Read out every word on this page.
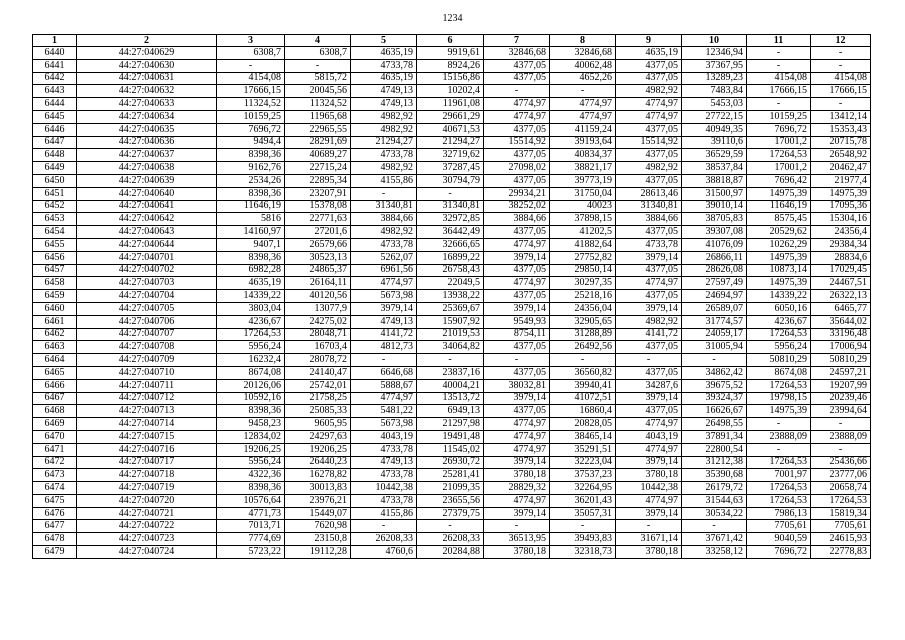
1234
1	2	3	4	5	6	7	8	9	10	11	12
6440	44:27:040629	6308,7	6308,7	4635,19	9919,61	32846,68	32846,68	4635,19	12346,94	-	-
6441	44:27:040630	-	-	4733,78	8924,26	4377,05	40062,48	4377,05	37367,95	-	-
6442	44:27:040631	4154,08	5815,72	4635,19	15156,86	4377,05	4652,26	4377,05	13289,23	4154,08	4154,08
6443	44:27:040632	17666,15	20045,56	4749,13	10202,4	-	-	4982,92	7483,84	17666,15	17666,15
6444	44:27:040633	11324,52	11324,52	4749,13	11961,08	4774,97	4774,97	4774,97	5453,03	-	-
6445	44:27:040634	10159,25	11965,68	4982,92	29661,29	4774,97	4774,97	4774,97	27722,15	10159,25	13412,14
6446	44:27:040635	7696,72	22965,55	4982,92	40671,53	4377,05	41159,24	4377,05	40949,35	7696,72	15353,43
6447	44:27:040636	9494,4	28291,69	21294,27	21294,27	15514,92	39193,64	15514,92	39110,6	17001,2	20715,78
6448	44:27:040637	8398,36	40689,27	4733,78	32719,62	4377,05	40834,37	4377,05	36529,59	17264,53	26548,92
6449	44:27:040638	9162,76	22715,24	4982,92	37287,45	27098,02	38821,17	4982,92	38537,84	17001,2	20462,47
6450	44:27:040639	2534,26	22895,34	4155,86	30794,79	4377,05	39773,19	4377,05	38818,87	7696,42	21977,4
6451	44:27:040640	8398,36	23207,91	-	-	29934,21	31750,04	28613,46	31500,97	14975,39	14975,39
6452	44:27:040641	11646,19	15378,08	31340,81	31340,81	38252,02	40023	31340,81	39010,14	11646,19	17095,36
6453	44:27:040642	5816	22771,63	3884,66	32972,85	3884,66	37898,15	3884,66	38705,83	8575,45	15304,16
6454	44:27:040643	14160,97	27201,6	4982,92	36442,49	4377,05	41202,5	4377,05	39307,08	20529,62	24356,4
6455	44:27:040644	9407,1	26579,66	4733,78	32666,65	4774,97	41882,64	4733,78	41076,09	10262,29	29384,34
6456	44:27:040701	8398,36	30523,13	5262,07	16899,22	3979,14	27752,82	3979,14	26866,11	14975,39	28834,6
6457	44:27:040702	6982,28	24865,37	6961,56	26758,43	4377,05	29850,14	4377,05	28626,08	10873,14	17029,45
6458	44:27:040703	4635,19	26164,11	4774,97	22049,5	4774,97	30297,35	4774,97	27597,49	14975,39	24467,51
6459	44:27:040704	14339,22	40120,56	5673,98	13938,22	4377,05	25218,16	4377,05	24694,97	14339,22	26322,13
6460	44:27:040705	3803,04	13077,9	3979,14	25369,67	3979,14	24356,04	3979,14	26589,07	6050,16	6465,77
6461	44:27:040706	4236,67	24275,02	4749,13	15907,92	9549,93	32905,65	4982,92	31774,57	4236,67	35644,02
6462	44:27:040707	17264,53	28048,71	4141,72	21019,53	8754,11	31288,89	4141,72	24059,17	17264,53	33196,48
6463	44:27:040708	5956,24	16703,4	4812,73	34064,82	4377,05	26492,56	4377,05	31005,94	5956,24	17006,94
6464	44:27:040709	16232,4	28078,72	-	-	-	-	-	-	50810,29	50810,29
6465	44:27:040710	8674,08	24140,47	6646,68	23837,16	4377,05	36560,82	4377,05	34862,42	8674,08	24597,21
6466	44:27:040711	20126,06	25742,01	5888,67	40004,21	38032,81	39940,41	34287,6	39675,52	17264,53	19207,99
6467	44:27:040712	10592,16	21758,25	4774,97	13513,72	3979,14	41072,51	3979,14	39324,37	19798,15	20239,46
6468	44:27:040713	8398,36	25085,33	5481,22	6949,13	4377,05	16860,4	4377,05	16626,67	14975,39	23994,64
6469	44:27:040714	9458,23	9605,95	5673,98	21297,98	4774,97	20828,05	4774,97	26498,55	-	-
6470	44:27:040715	12834,02	24297,63	4043,19	19491,48	4774,97	38465,14	4043,19	37891,34	23888,09	23888,09
6471	44:27:040716	19206,25	19206,25	4733,78	11545,02	4774,97	35291,51	4774,97	22800,54	-	-
6472	44:27:040717	5956,24	26440,23	4749,13	26930,72	3979,14	32223,04	3979,14	31212,38	17264,53	25436,66
6473	44:27:040718	4322,36	16278,82	4733,78	25281,41	3780,18	37537,23	3780,18	35390,68	7001,97	23777,06
6474	44:27:040719	8398,36	30013,83	10442,38	21099,35	28829,32	32264,95	10442,38	26179,72	17264,53	20658,74
6475	44:27:040720	10576,64	23976,21	4733,78	23655,56	4774,97	36201,43	4774,97	31544,63	17264,53	17264,53
6476	44:27:040721	4771,73	15449,07	4155,86	27379,75	3979,14	35057,31	3979,14	30534,22	7986,13	15819,34
6477	44:27:040722	7013,71	7620,98	-	-	-	-	-	-	7705,61	7705,61
6478	44:27:040723	7774,69	23150,8	26208,33	26208,33	36513,95	39493,83	31671,14	37671,42	9040,59	24615,93
6479	44:27:040724	5723,22	19112,28	4760,6	20284,88	3780,18	32318,73	3780,18	33258,12	7696,72	22778,83
